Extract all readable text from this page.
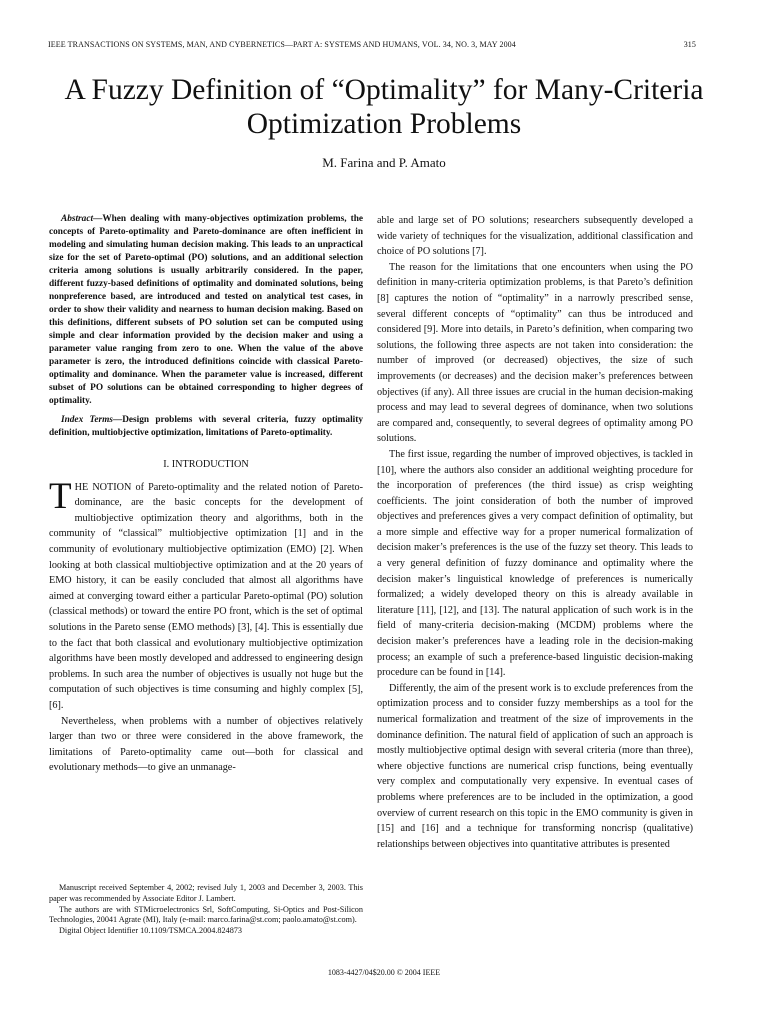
IEEE TRANSACTIONS ON SYSTEMS, MAN, AND CYBERNETICS—PART A: SYSTEMS AND HUMANS, VOL. 34, NO. 3, MAY 2004	315
A Fuzzy Definition of “Optimality” for Many-Criteria
Optimization Problems
M. Farina and P. Amato

Abstract—When dealing with many-objectives optimization problems, the concepts of Pareto-optimality and Pareto-dominance are often inefficient in modeling and simulating human decision making. This leads to an unpractical size for the set of Pareto-optimal (PO) solutions, and an additional selection criteria among solutions is usually arbitrarily considered. In the paper, different fuzzy-based definitions of optimality and dominated solutions, being nonpreference based, are introduced and tested on analytical test cases, in order to show their validity and nearness to human decision making. Based on this definitions, different subsets of PO solution set can be computed using simple and clear information provided by the decision maker and using a parameter value ranging from zero to one. When the value of the above parameter is zero, the introduced definitions coincide with classical Pareto-optimality and dominance. When the parameter value is increased, different subset of PO solutions can be obtained corresponding to higher degrees of optimality.

Index Terms—Design problems with several criteria, fuzzy optimality definition, multiobjective optimization, limitations of Pareto-optimality.

I. INTRODUCTION

THE NOTION of Pareto-optimality and the related notion of Pareto-dominance, are the basic concepts for the development of multiobjective optimization theory and algorithms, both in the community of “classical” multiobjective optimization [1] and in the community of evolutionary multiobjective optimization (EMO) [2]. When looking at both classical multiobjective optimization and at the 20 years of EMO history, it can be easily concluded that almost all algorithms have aimed at converging toward either a particular Pareto-optimal (PO) solution (classical methods) or toward the entire PO front, which is the set of optimal solutions in the Pareto sense (EMO methods) [3], [4]. This is essentially due to the fact that both classical and evolutionary multiobjective optimization algorithms have been mostly developed and addressed to engineering design problems. In such area the number of objectives is usually not huge but the computation of such objectives is time consuming and highly complex [5], [6].

Nevertheless, when problems with a number of objectives relatively larger than two or three were considered in the above framework, the limitations of Pareto-optimality came out—both for classical and evolutionary methods—to give an unmanage-

able and large set of PO solutions; researchers subsequently developed a wide variety of techniques for the visualization, additional classification and choice of PO solutions [7].

The reason for the limitations that one encounters when using the PO definition in many-criteria optimization problems, is that Pareto’s definition [8] captures the notion of “optimality” in a narrowly prescribed sense, several different concepts of “optimality” can thus be introduced and considered [9]. More into details, in Pareto’s definition, when comparing two solutions, the following three aspects are not taken into consideration: the number of improved (or decreased) objectives, the size of such improvements (or decreases) and the decision maker’s preferences between objectives (if any). All three issues are crucial in the human decision-making process and may lead to several degrees of dominance, when two solutions are compared and, consequently, to several degrees of optimality among PO solutions.

The first issue, regarding the number of improved objectives, is tackled in [10], where the authors also consider an additional weighting procedure for the incorporation of preferences (the third issue) as crisp weighting coefficients. The joint consideration of both the number of improved objectives and preferences gives a very compact definition of optimality, but a more simple and effective way for a proper numerical formalization of decision maker’s preferences is the use of the fuzzy set theory. This leads to a very general definition of fuzzy dominance and optimality where the decision maker’s linguistical knowledge of preferences is numerically formalized; a widely developed theory on this is already available in literature [11], [12], and [13]. The natural application of such work is in the field of many-criteria decision-making (MCDM) problems where the decision maker’s preferences have a leading role in the decision-making process; an example of such a preference-based linguistic decision-making procedure can be found in [14].

Differently, the aim of the present work is to exclude preferences from the optimization process and to consider fuzzy memberships as a tool for the numerical formalization and treatment of the size of improvements in the dominance definition. The natural field of application of such an approach is mostly multiobjective optimal design with several criteria (more than three), where objective functions are numerical crisp functions, being eventually very complex and computationally very expensive. In eventual cases of problems where preferences are to be included in the optimization, a good overview of current research on this topic in the EMO community is given in [15] and [16] and a technique for transforming noncrisp (qualitative) relationships between objectives into quantitative attributes is presented

Manuscript received September 4, 2002; revised July 1, 2003 and December 3, 2003. This paper was recommended by Associate Editor J. Lambert.

The authors are with STMicroelectronics Srl, SoftComputing, Si-Optics and Post-Silicon Technologies, 20041 Agrate (MI), Italy (e-mail: marco.farina@st.com; paolo.amato@st.com).

Digital Object Identifier 10.1109/TSMCA.2004.824873

1083-4427/04$20.00 © 2004 IEEE
